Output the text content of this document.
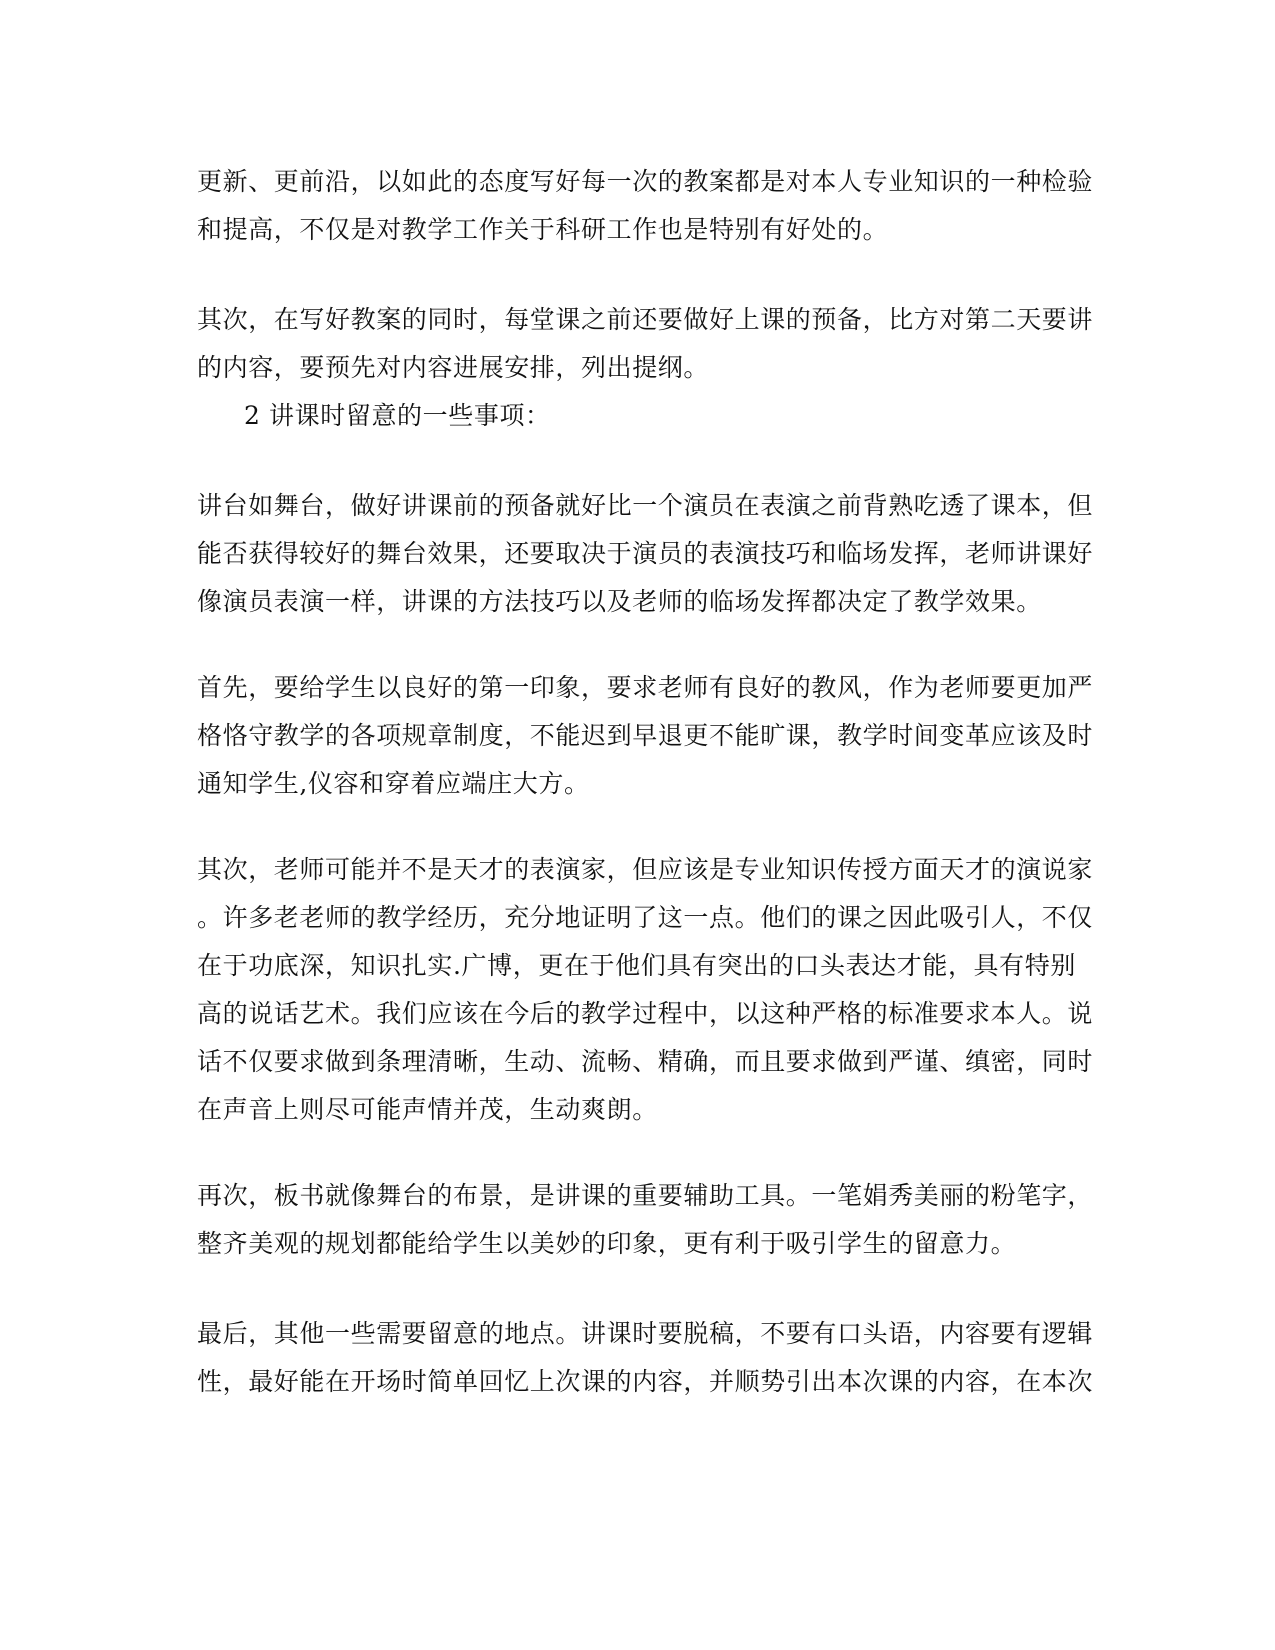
更新、更前沿，以如此的态度写好每一次的教案都是对本人专业知识的一种检验
和提高，不仅是对教学工作关于科研工作也是特别有好处的。
其次，在写好教案的同时，每堂课之前还要做好上课的预备，比方对第二天要讲
的内容，要预先对内容进展安排，列出提纲。
2 讲课时留意的一些事项：
讲台如舞台，做好讲课前的预备就好比一个演员在表演之前背熟吃透了课本，但
能否获得较好的舞台效果，还要取决于演员的表演技巧和临场发挥，老师讲课好
像演员表演一样，讲课的方法技巧以及老师的临场发挥都决定了教学效果。
首先，要给学生以良好的第一印象，要求老师有良好的教风，作为老师要更加严
格恪守教学的各项规章制度，不能迟到早退更不能旷课，教学时间变革应该及时
通知学生,仪容和穿着应端庄大方。
其次，老师可能并不是天才的表演家，但应该是专业知识传授方面天才的演说家
。许多老老师的教学经历，充分地证明了这一点。他们的课之因此吸引人，不仅
在于功底深，知识扎实.广博，更在于他们具有突出的口头表达才能，具有特别
高的说话艺术。我们应该在今后的教学过程中，以这种严格的标准要求本人。说
话不仅要求做到条理清晰，生动、流畅、精确，而且要求做到严谨、缜密，同时
在声音上则尽可能声情并茂，生动爽朗。
再次，板书就像舞台的布景，是讲课的重要辅助工具。一笔娟秀美丽的粉笔字，
整齐美观的规划都能给学生以美妙的印象，更有利于吸引学生的留意力。
最后，其他一些需要留意的地点。讲课时要脱稿，不要有口头语，内容要有逻辑
性，最好能在开场时简单回忆上次课的内容，并顺势引出本次课的内容，在本次
